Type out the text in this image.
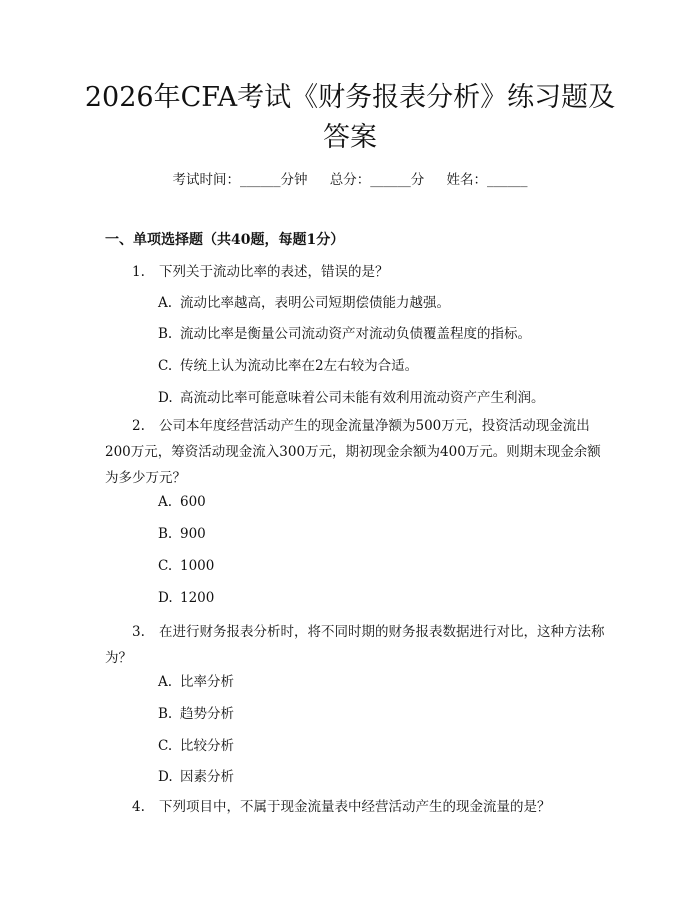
2026年CFA考试《财务报表分析》练习题及
答案
考试时间：______分钟 总分：______分 姓名：______
一、单项选择题（共40题，每题1分）
1. 下列关于流动比率的表述，错误的是？
A. 流动比率越高，表明公司短期偿债能力越强。
B. 流动比率是衡量公司流动资产对流动负债覆盖程度的指标。
C. 传统上认为流动比率在2左右较为合适。
D. 高流动比率可能意味着公司未能有效利用流动资产产生利润。
2. 公司本年度经营活动产生的现金流量净额为500万元，投资活动现金流出200万元，筹资活动现金流入300万元，期初现金余额为400万元。则期末现金余额为多少万元？
A. 600
B. 900
C. 1000
D. 1200
3. 在进行财务报表分析时，将不同时期的财务报表数据进行对比，这种方法称为？
A. 比率分析
B. 趋势分析
C. 比较分析
D. 因素分析
4. 下列项目中，不属于现金流量表中经营活动产生的现金流量的是？
